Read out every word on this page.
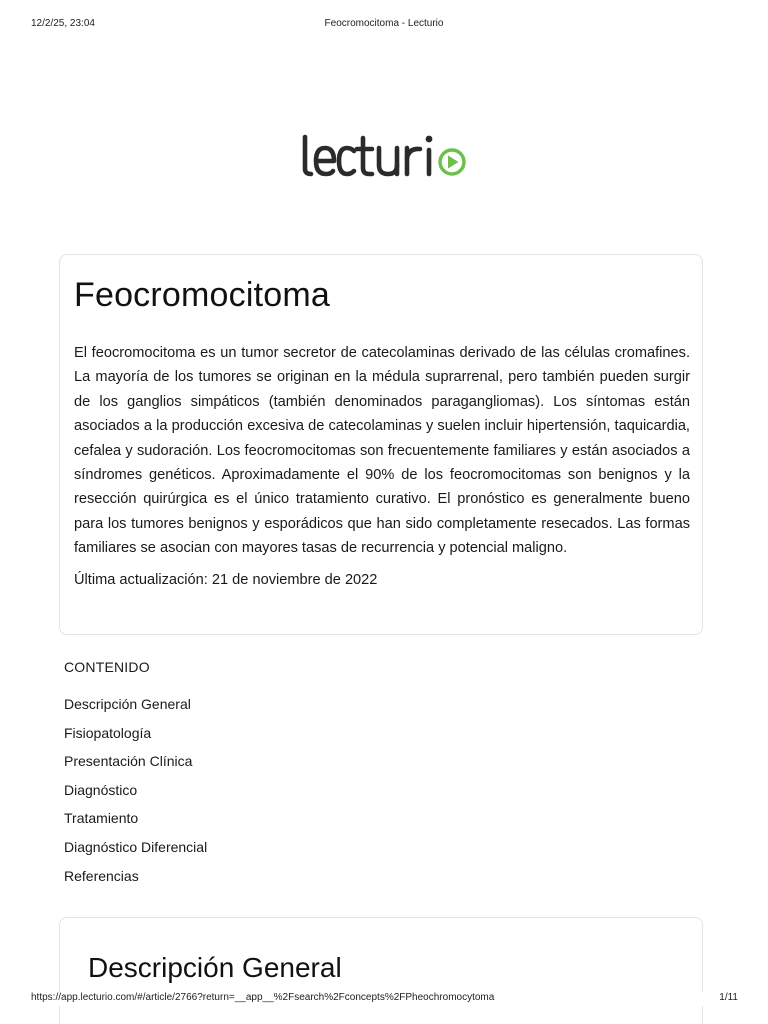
12/2/25, 23:04	Feocromocitoma - Lecturio
Feocromocitoma

El feocromocitoma es un tumor secretor de catecolaminas derivado de las células cromafines. La mayoría de los tumores se originan en la médula suprarrenal, pero también pueden surgir de los ganglios simpáticos (también denominados paragangliomas). Los síntomas están asociados a la producción excesiva de catecolaminas y suelen incluir hipertensión, taquicardia, cefalea y sudoración. Los feocromocitomas son frecuentemente familiares y están asociados a síndromes genéticos. Aproximadamente el 90% de los feocromocitomas son benignos y la resección quirúrgica es el único tratamiento curativo. El pronóstico es generalmente bueno para los tumores benignos y esporádicos que han sido completamente resecados. Las formas familiares se asocian con mayores tasas de recurrencia y potencial maligno.

Última actualización: 21 de noviembre de 2022
CONTENIDO
Descripción General
Fisiopatología
Presentación Clínica
Diagnóstico
Tratamiento
Diagnóstico Diferencial
Referencias
Descripción General
https://app.lecturio.com/#/article/2766?return=__app__%2Fsearch%2Fconcepts%2FPheochromocytoma	1/11
